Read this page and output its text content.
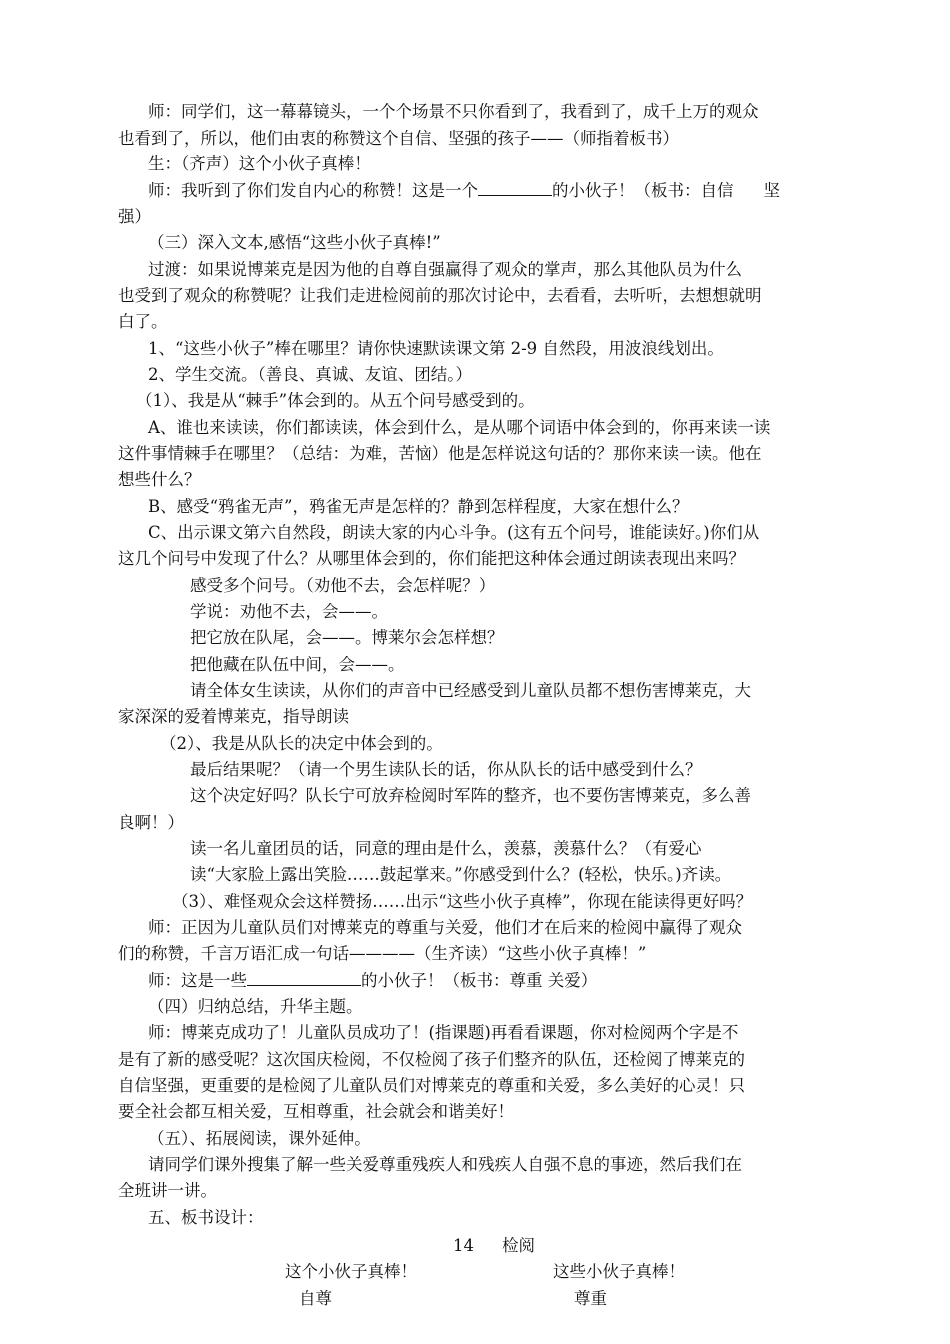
师：同学们，这一幕幕镜头，一个个场景不只你看到了，我看到了，成千上万的观众
也看到了，所以，他们由衷的称赞这个自信、坚强的孩子——（师指着板书）
生：（齐声）这个小伙子真棒！
师：我听到了你们发自内心的称赞！这是一个	的小伙子！（板书：自信 坚
强）
（三）深入文本,感悟“这些小伙子真棒!”
过渡：如果说博莱克是因为他的自尊自强赢得了观众的掌声，那么其他队员为什么
也受到了观众的称赞呢？让我们走进检阅前的那次讨论中，去看看，去听听，去想想就明
白了。
1、“这些小伙子”棒在哪里？请你快速默读课文第 2-9 自然段，用波浪线划出。
2、学生交流。（善良、真诚、友谊、团结。）
（1）、我是从“棘手”体会到的。从五个问号感受到的。
A、谁也来读读，你们都读读，体会到什么，是从哪个词语中体会到的，你再来读一读
这件事情棘手在哪里？（总结：为难，苦恼）他是怎样说这句话的？那你来读一读。他在
想些什么？
B、感受“鸦雀无声”，鸦雀无声是怎样的？静到怎样程度，大家在想什么？
C、出示课文第六自然段，朗读大家的内心斗争。(这有五个问号，谁能读好。)你们从
这几个问号中发现了什么？从哪里体会到的，你们能把这种体会通过朗读表现出来吗？
感受多个问号。（劝他不去，会怎样呢？）
学说：劝他不去，会——。
把它放在队尾，会——。博莱尔会怎样想？
把他藏在队伍中间，会——。
请全体女生读读，从你们的声音中已经感受到儿童队员都不想伤害博莱克，大
家深深的爱着博莱克，指导朗读
（2）、我是从队长的决定中体会到的。
最后结果呢？（请一个男生读队长的话，你从队长的话中感受到什么？
这个决定好吗？队长宁可放弃检阅时军阵的整齐，也不要伤害博莱克，多么善
良啊！）
读一名儿童团员的话，同意的理由是什么，羡慕，羡慕什么？（有爱心
读“大家脸上露出笑脸……鼓起掌来。”你感受到什么？(轻松，快乐。)齐读。
（3）、难怪观众会这样赞扬……出示“这些小伙子真棒”，你现在能读得更好吗？
师：正因为儿童队员们对博莱克的尊重与关爱，他们才在后来的检阅中赢得了观众
们的称赞，千言万语汇成一句话————（生齐读）“这些小伙子真棒！”
师：这是一些	的小伙子！（板书：尊重 关爱）
（四）归纳总结，升华主题。
师：博莱克成功了！儿童队员成功了！(指课题)再看看课题，你对检阅两个字是不
是有了新的感受呢？这次国庆检阅，不仅检阅了孩子们整齐的队伍，还检阅了博莱克的
自信坚强，更重要的是检阅了儿童队员们对博莱克的尊重和关爱，多么美好的心灵！只
要全社会都互相关爱，互相尊重，社会就会和谐美好！
（五）、拓展阅读，课外延伸。
请同学们课外搜集了解一些关爱尊重残疾人和残疾人自强不息的事迹，然后我们在
全班讲一讲。
五、板书设计：
14 检阅
这个小伙子真棒！	这些小伙子真棒！
自尊	尊重
